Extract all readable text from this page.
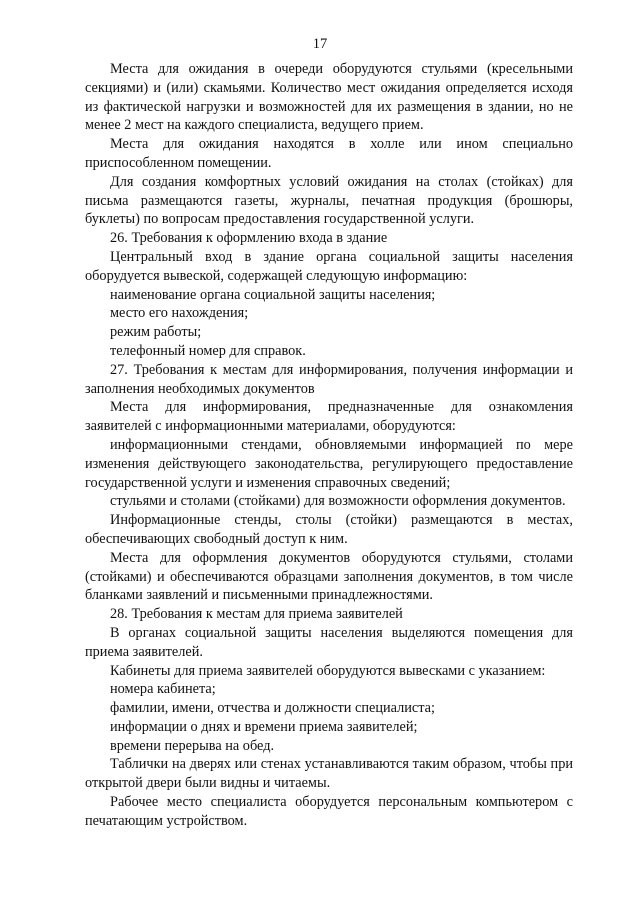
17

Места для ожидания в очереди оборудуются стульями (кресельными секциями) и (или) скамьями. Количество мест ожидания определяется исходя из фактической нагрузки и возможностей для их размещения в здании, но не менее 2 мест на каждого специалиста, ведущего прием.

Места для ожидания находятся в холле или ином специально приспособленном помещении.

Для создания комфортных условий ожидания на столах (стойках) для письма размещаются газеты, журналы, печатная продукция (брошюры, буклеты) по вопросам предоставления государственной услуги.

26. Требования к оформлению входа в здание

Центральный вход в здание органа социальной защиты населения оборудуется вывеской, содержащей следующую информацию:

наименование органа социальной защиты населения;

место его нахождения;

режим работы;

телефонный номер для справок.

27. Требования к местам для информирования, получения информации и заполнения необходимых документов

Места для информирования, предназначенные для ознакомления заявителей с информационными материалами, оборудуются:

информационными стендами, обновляемыми информацией по мере изменения действующего законодательства, регулирующего предоставление государственной услуги и изменения справочных сведений;

стульями и столами (стойками) для возможности оформления документов.

Информационные стенды, столы (стойки) размещаются в местах, обеспечивающих свободный доступ к ним.

Места для оформления документов оборудуются стульями, столами (стойками) и обеспечиваются образцами заполнения документов, в том числе бланками заявлений и письменными принадлежностями.

28. Требования к местам для приема заявителей

В органах социальной защиты населения выделяются помещения для приема заявителей.

Кабинеты для приема заявителей оборудуются вывесками с указанием:

номера кабинета;

фамилии, имени, отчества и должности специалиста;

информации о днях и времени приема заявителей;

времени перерыва на обед.

Таблички на дверях или стенах устанавливаются таким образом, чтобы при открытой двери были видны и читаемы.

Рабочее место специалиста оборудуется персональным компьютером с печатающим устройством.
